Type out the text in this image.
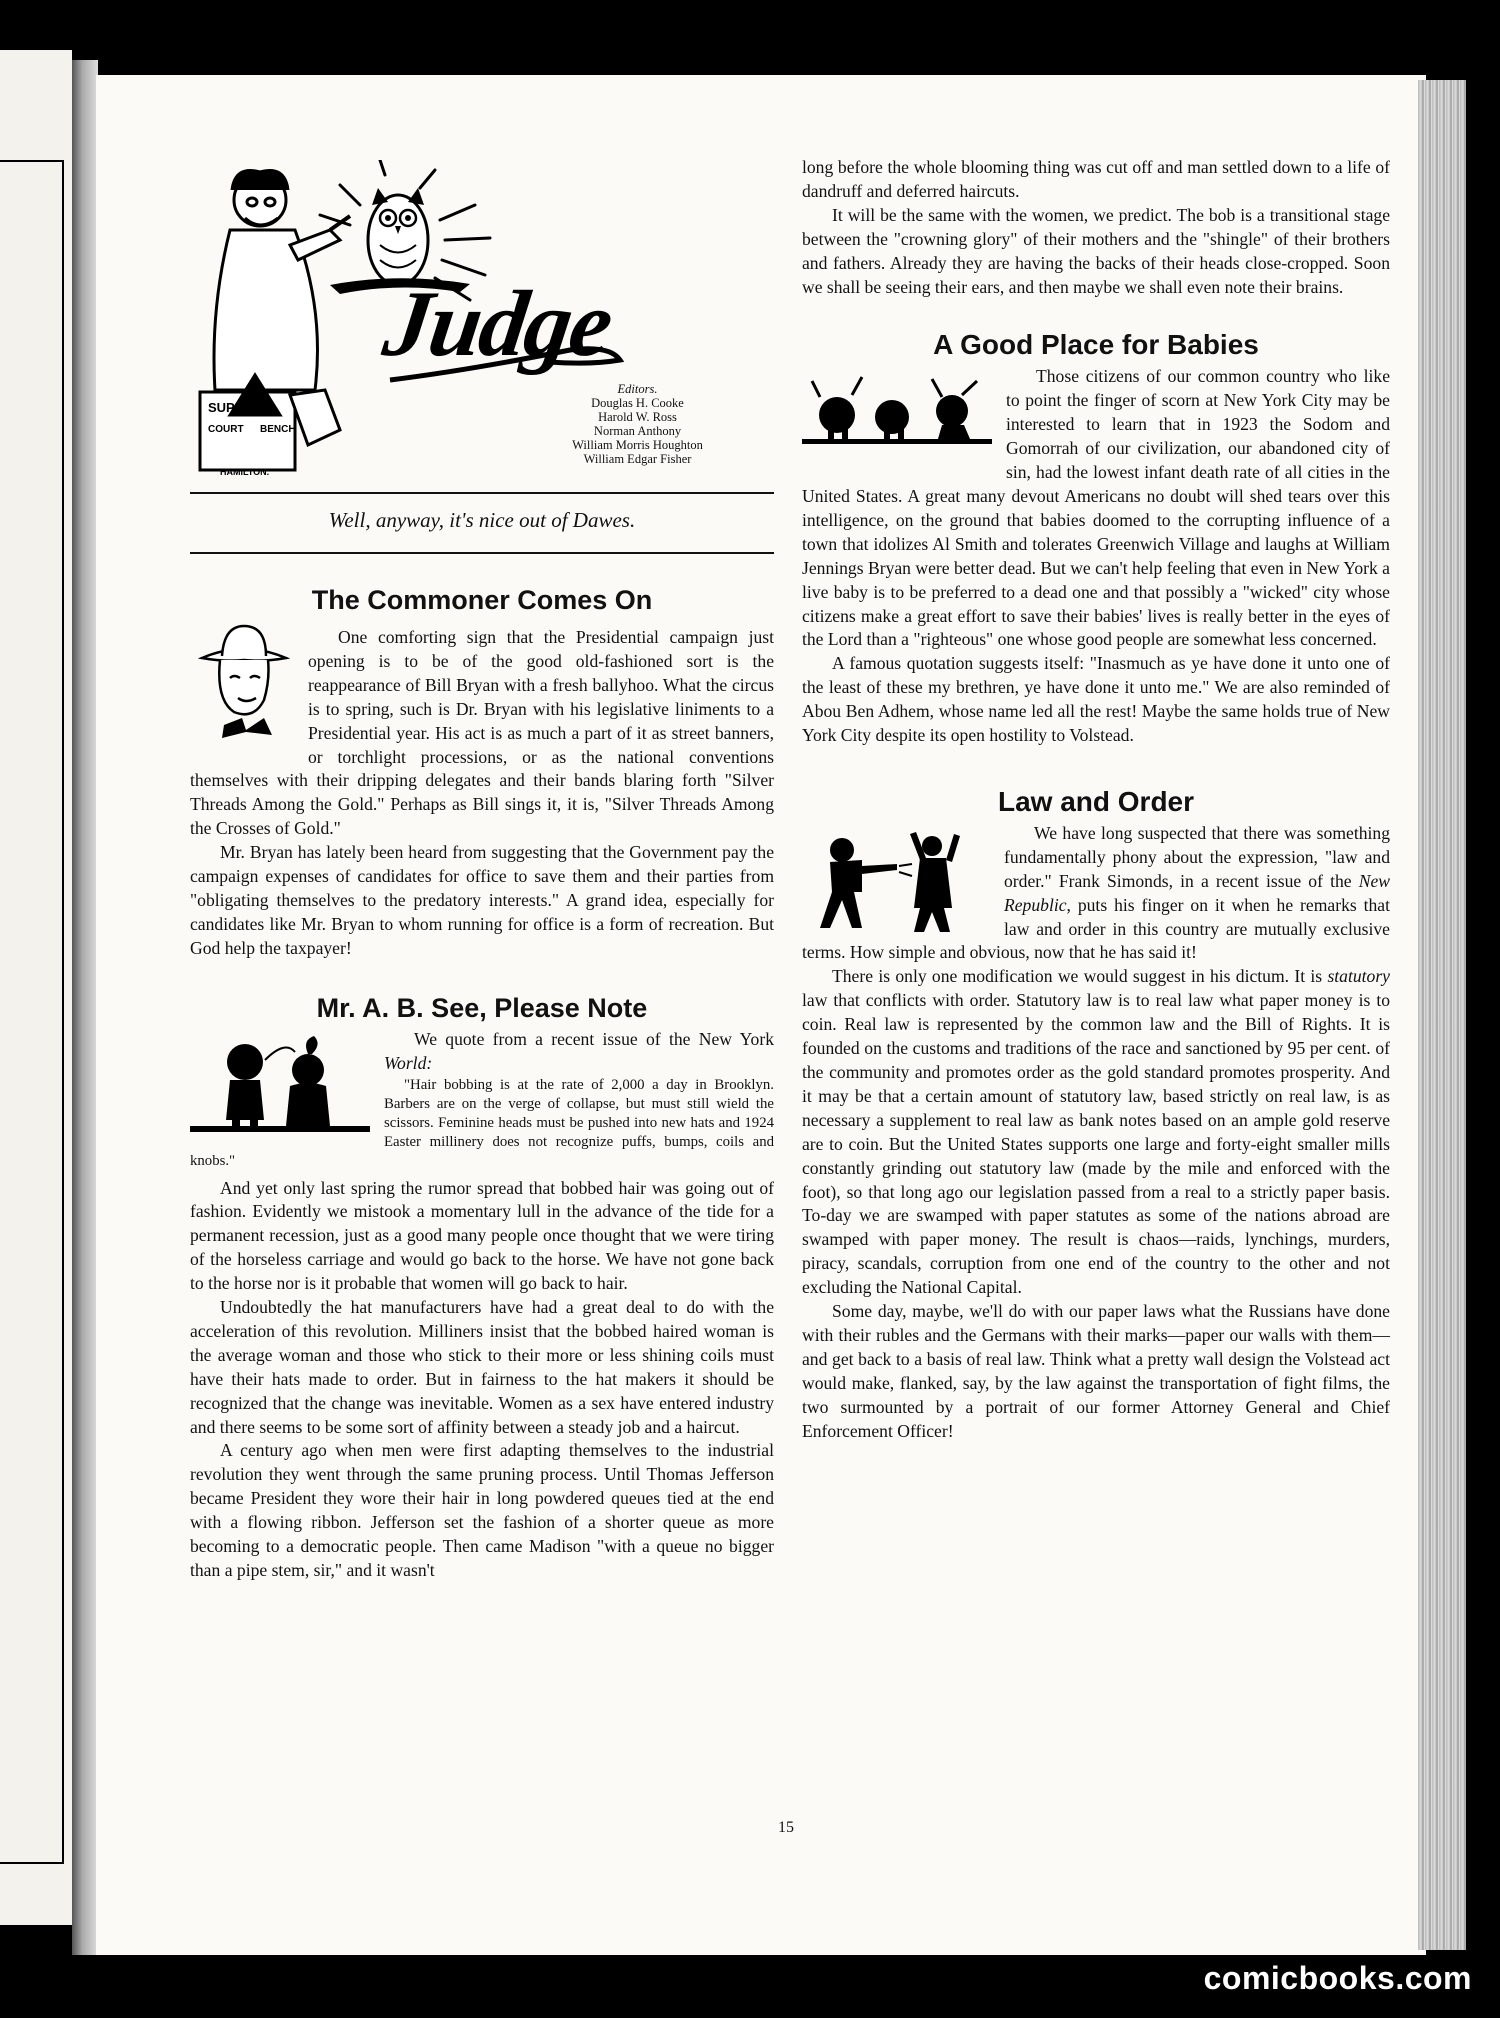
SUPREME
COURT BENCH
HAMILTON.
Judge
Editors.
Douglas H. Cooke
Harold W. Ross
Norman Anthony
William Morris Houghton
William Edgar Fisher
Well, anyway, it's nice out of Dawes.
The Commoner Comes On

One comforting sign that the Presidential campaign just opening is to be of the good old-fashioned sort is the reappearance of Bill Bryan with a fresh ballyhoo. What the circus is to spring, such is Dr. Bryan with his legislative liniments to a Presidential year. His act is as much a part of it as street banners, or torchlight processions, or as the national conventions themselves with their dripping delegates and their bands blaring forth "Silver Threads Among the Gold." Perhaps as Bill sings it, it is, "Silver Threads Among the Crosses of Gold."

Mr. Bryan has lately been heard from suggesting that the Government pay the campaign expenses of candidates for office to save them and their parties from "obligating themselves to the predatory interests." A grand idea, especially for candidates like Mr. Bryan to whom running for office is a form of recreation. But God help the taxpayer!

Mr. A. B. See, Please Note

We quote from a recent issue of the New York World:

"Hair bobbing is at the rate of 2,000 a day in Brooklyn. Barbers are on the verge of collapse, but must still wield the scissors. Feminine heads must be pushed into new hats and 1924 Easter millinery does not recognize puffs, bumps, coils and knobs."

And yet only last spring the rumor spread that bobbed hair was going out of fashion. Evidently we mistook a momentary lull in the advance of the tide for a permanent recession, just as a good many people once thought that we were tiring of the horseless carriage and would go back to the horse. We have not gone back to the horse nor is it probable that women will go back to hair.

Undoubtedly the hat manufacturers have had a great deal to do with the acceleration of this revolution. Milliners insist that the bobbed haired woman is the average woman and those who stick to their more or less shining coils must have their hats made to order. But in fairness to the hat makers it should be recognized that the change was inevitable. Women as a sex have entered industry and there seems to be some sort of affinity between a steady job and a haircut.

A century ago when men were first adapting themselves to the industrial revolution they went through the same pruning process. Until Thomas Jefferson became President they wore their hair in long powdered queues tied at the end with a flowing ribbon. Jefferson set the fashion of a shorter queue as more becoming to a democratic people. Then came Madison "with a queue no bigger than a pipe stem, sir," and it wasn't

long before the whole blooming thing was cut off and man settled down to a life of dandruff and deferred haircuts.

It will be the same with the women, we predict. The bob is a transitional stage between the "crowning glory" of their mothers and the "shingle" of their brothers and fathers. Already they are having the backs of their heads close-cropped. Soon we shall be seeing their ears, and then maybe we shall even note their brains.

A Good Place for Babies

Those citizens of our common country who like to point the finger of scorn at New York City may be interested to learn that in 1923 the Sodom and Gomorrah of our civilization, our abandoned city of sin, had the lowest infant death rate of all cities in the United States. A great many devout Americans no doubt will shed tears over this intelligence, on the ground that babies doomed to the corrupting influence of a town that idolizes Al Smith and tolerates Greenwich Village and laughs at William Jennings Bryan were better dead. But we can't help feeling that even in New York a live baby is to be preferred to a dead one and that possibly a "wicked" city whose citizens make a great effort to save their babies' lives is really better in the eyes of the Lord than a "righteous" one whose good people are somewhat less concerned.

A famous quotation suggests itself: "Inasmuch as ye have done it unto one of the least of these my brethren, ye have done it unto me." We are also reminded of Abou Ben Adhem, whose name led all the rest! Maybe the same holds true of New York City despite its open hostility to Volstead.

Law and Order

We have long suspected that there was something fundamentally phony about the expression, "law and order." Frank Simonds, in a recent issue of the New Republic, puts his finger on it when he remarks that law and order in this country are mutually exclusive terms. How simple and obvious, now that he has said it!

There is only one modification we would suggest in his dictum. It is statutory law that conflicts with order. Statutory law is to real law what paper money is to coin. Real law is represented by the common law and the Bill of Rights. It is founded on the customs and traditions of the race and sanctioned by 95 per cent. of the community and promotes order as the gold standard promotes prosperity. And it may be that a certain amount of statutory law, based strictly on real law, is as necessary a supplement to real law as bank notes based on an ample gold reserve are to coin. But the United States supports one large and forty-eight smaller mills constantly grinding out statutory law (made by the mile and enforced with the foot), so that long ago our legislation passed from a real to a strictly paper basis. To-day we are swamped with paper statutes as some of the nations abroad are swamped with paper money. The result is chaos—raids, lynchings, murders, piracy, scandals, corruption from one end of the country to the other and not excluding the National Capital.

Some day, maybe, we'll do with our paper laws what the Russians have done with their rubles and the Germans with their marks—paper our walls with them—and get back to a basis of real law. Think what a pretty wall design the Volstead act would make, flanked, say, by the law against the transportation of fight films, the two surmounted by a portrait of our former Attorney General and Chief Enforcement Officer!

15
comicbooks.com
